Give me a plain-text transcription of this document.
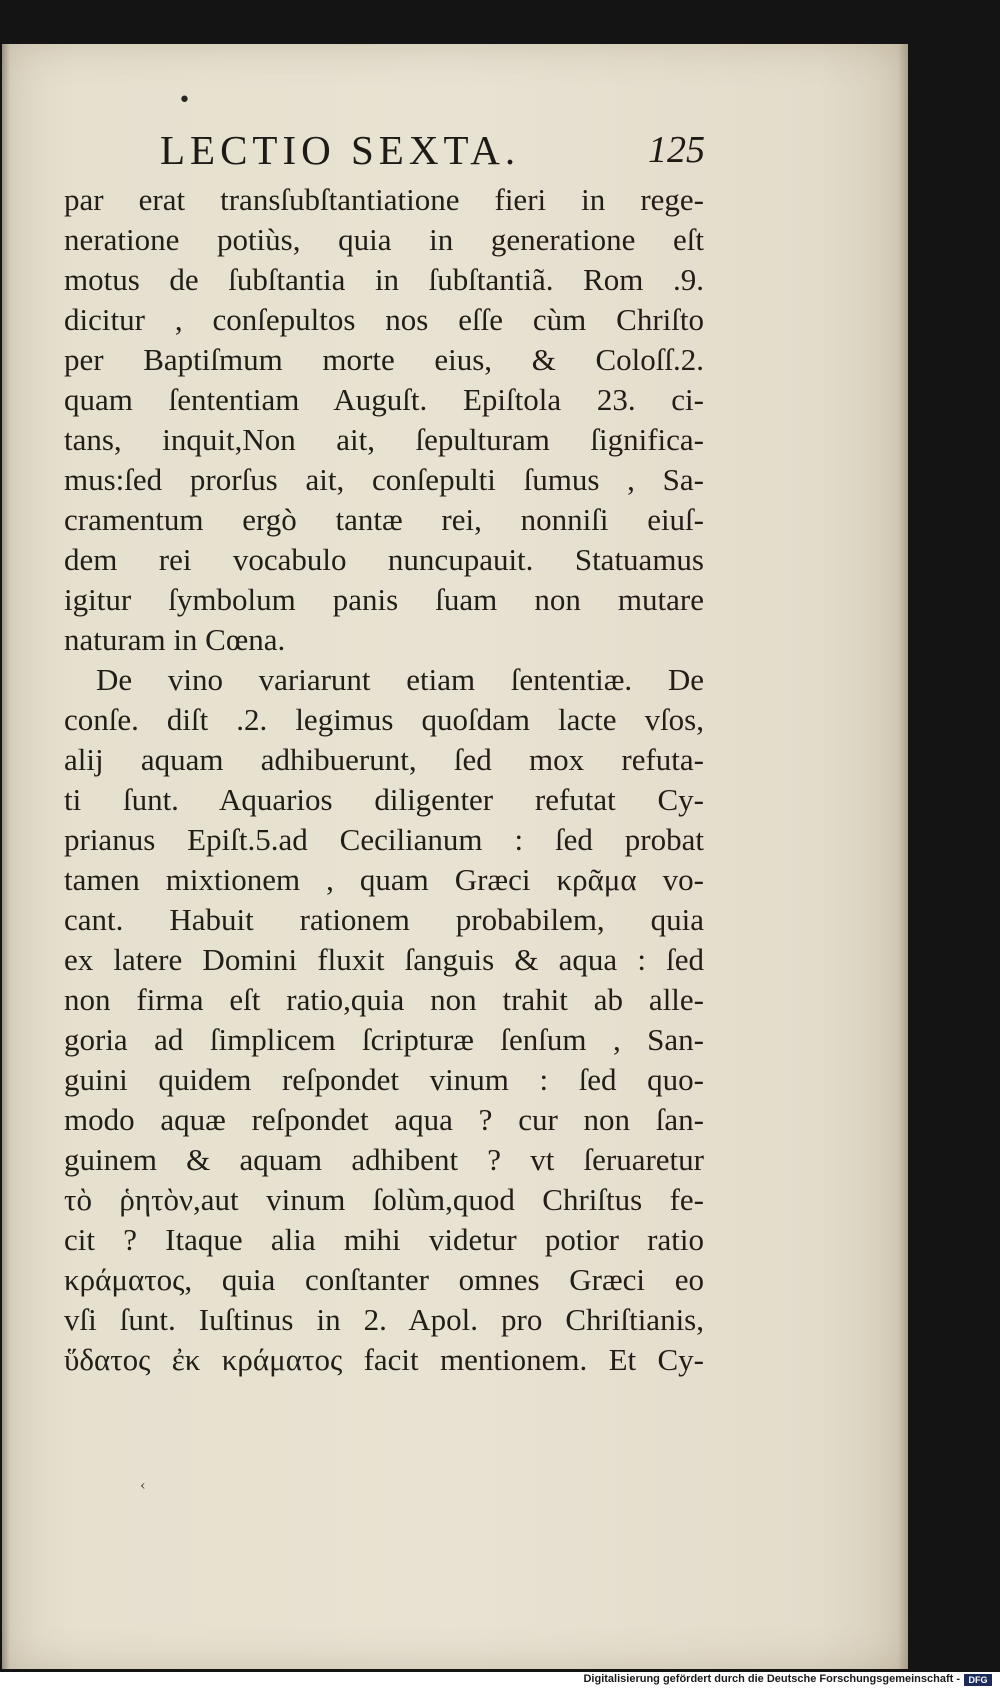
•
LECTIO SEXTA.	125
par erat transſubſtantiatione fieri in rege-
neratione potiùs, quia in generatione eſt
motus de ſubſtantia in ſubſtantiã. Rom .9.
dicitur , conſepultos nos eſſe cùm Chriſto
per Baptiſmum morte eius, & Coloſſ.2.
quam ſententiam Auguſt. Epiſtola 23. ci-
tans, inquit,Non ait, ſepulturam ſignifica-
mus:ſed prorſus ait, conſepulti ſumus , Sa-
cramentum ergò tantæ rei, nonniſi eiuſ-
dem rei vocabulo nuncupauit. Statuamus
igitur ſymbolum panis ſuam non mutare
naturam in Cœna.
De vino variarunt etiam ſententiæ. De
conſe. diſt .2. legimus quoſdam lacte vſos,
alij aquam adhibuerunt, ſed mox refuta-
ti ſunt. Aquarios diligenter refutat Cy-
prianus Epiſt.5.ad Cecilianum : ſed probat
tamen mixtionem , quam Græci κρᾶμα vo-
cant. Habuit rationem probabilem, quia
ex latere Domini fluxit ſanguis & aqua : ſed
non firma eſt ratio,quia non trahit ab alle-
goria ad ſimplicem ſcripturæ ſenſum , San-
guini quidem reſpondet vinum : ſed quo-
modo aquæ reſpondet aqua ? cur non ſan-
guinem & aquam adhibent ? vt ſeruaretur
τὸ ῥητὸν,aut vinum ſolùm,quod Chriſtus fe-
cit ? Itaque alia mihi videtur potior ratio
κράματος, quia conſtanter omnes Græci eo
vſi ſunt. Iuſtinus in 2. Apol. pro Chriſtianis,
ὕδατος ἐκ κράματος facit mentionem. Et Cy-
‹
Digitalisierung gefördert durch die Deutsche Forschungsgemeinschaft - DFG
